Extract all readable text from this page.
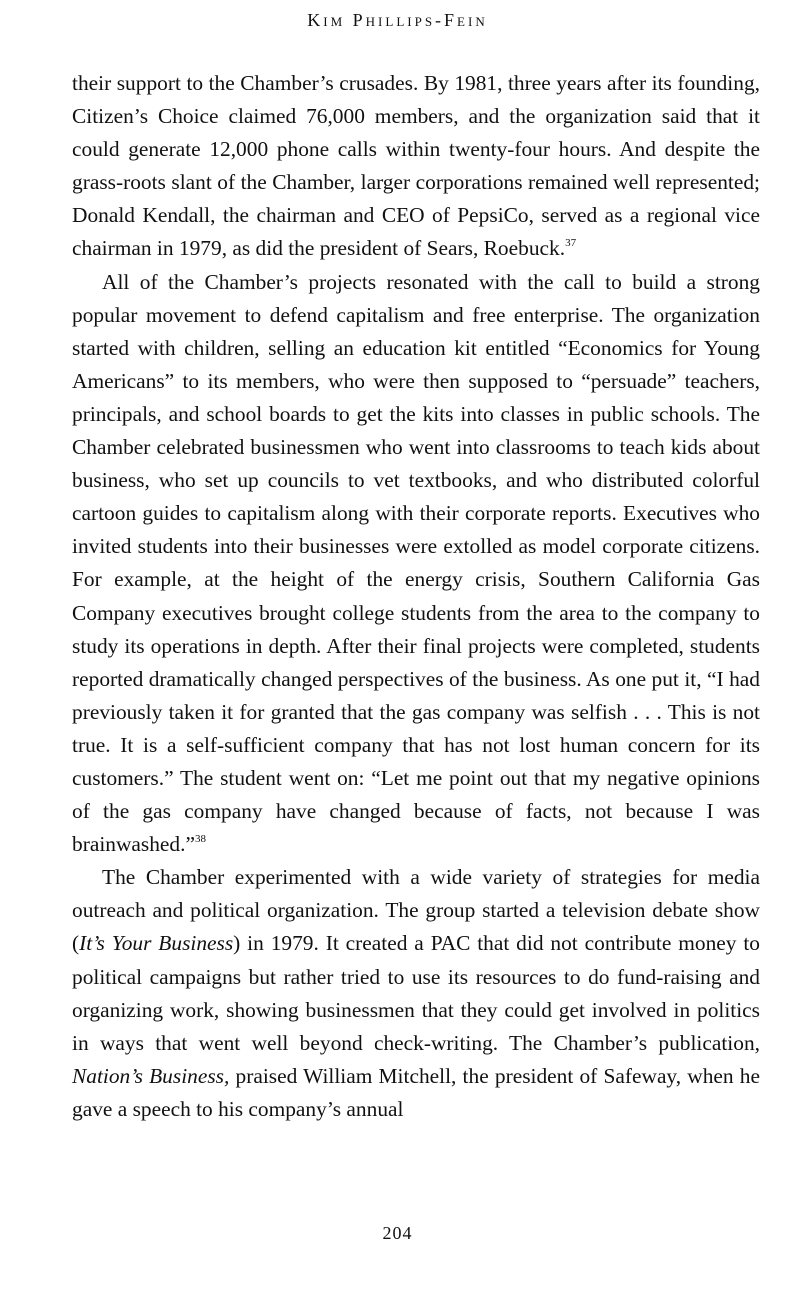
Kim Phillips-Fein

their support to the Chamber’s crusades. By 1981, three years after its founding, Citizen’s Choice claimed 76,000 members, and the organization said that it could generate 12,000 phone calls within twenty-four hours. And despite the grass-roots slant of the Chamber, larger corporations remained well represented; Donald Kendall, the chairman and CEO of PepsiCo, served as a regional vice chairman in 1979, as did the president of Sears, Roebuck.$^{37}$

All of the Chamber’s projects resonated with the call to build a strong popular movement to defend capitalism and free enterprise. The organization started with children, selling an education kit entitled “Economics for Young Americans” to its members, who were then supposed to “persuade” teachers, principals, and school boards to get the kits into classes in public schools. The Chamber celebrated businessmen who went into classrooms to teach kids about business, who set up councils to vet textbooks, and who distributed colorful cartoon guides to capitalism along with their corporate reports. Executives who invited students into their businesses were extolled as model corporate citizens. For example, at the height of the energy crisis, Southern California Gas Company executives brought college students from the area to the company to study its operations in depth. After their final projects were completed, students reported dramatically changed perspectives of the business. As one put it, “I had previously taken it for granted that the gas company was selfish . . . This is not true. It is a self-sufficient company that has not lost human concern for its customers.” The student went on: “Let me point out that my negative opinions of the gas company have changed because of facts, not because I was brainwashed.”$^{38}$

The Chamber experimented with a wide variety of strategies for media outreach and political organization. The group started a television debate show (It’s Your Business) in 1979. It created a PAC that did not contribute money to political campaigns but rather tried to use its resources to do fund-raising and organizing work, showing businessmen that they could get involved in politics in ways that went well beyond check-writing. The Chamber’s publication, Nation’s Business, praised William Mitchell, the president of Safeway, when he gave a speech to his company’s annual

204
